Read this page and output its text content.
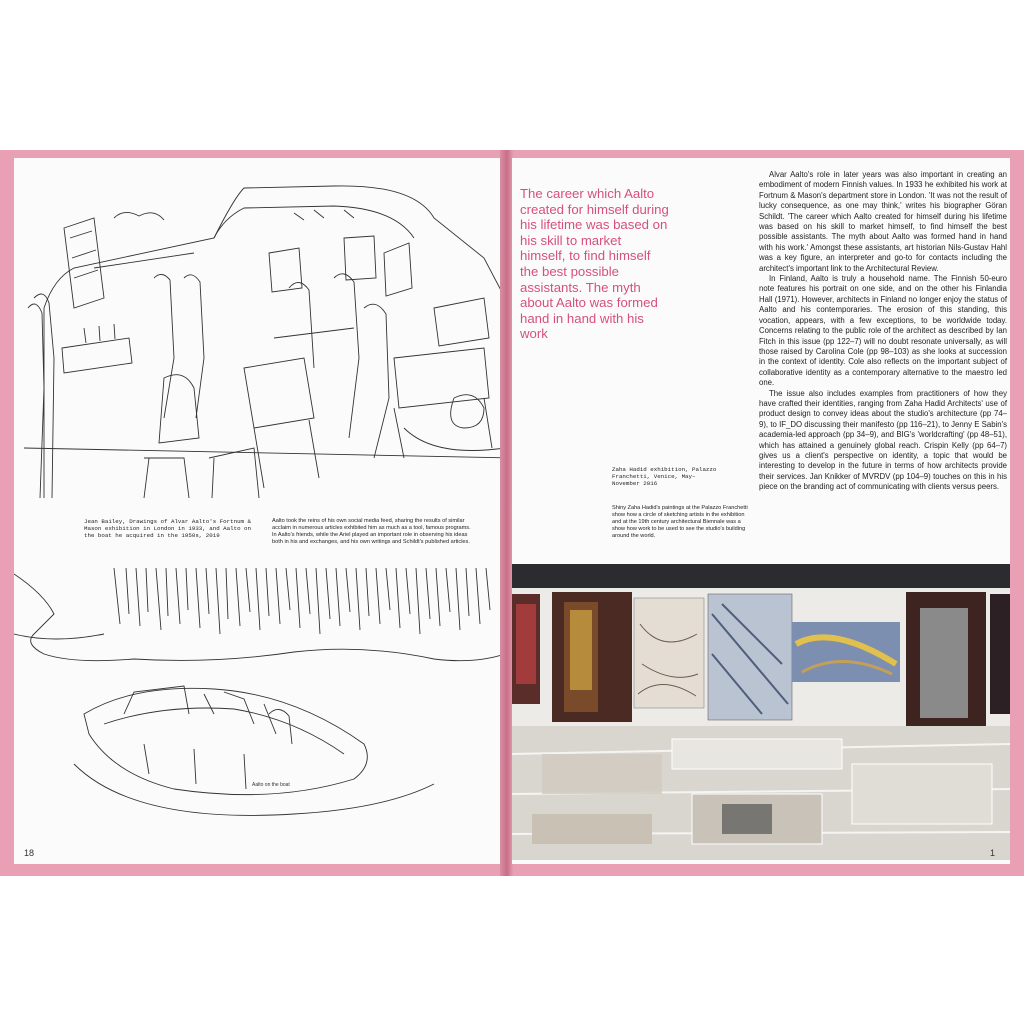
Jean Bailey, Drawings of Alvar Aalto's Fortnum & Mason exhibition in London in 1933, and Aalto on the boat he acquired in the 1950s, 2019
Aalto took the reins of his own social media feed, sharing the results of similar acclaim in numerous articles exhibited him as much as a tool, famous programs. In Aalto's friends, while the Ariel played an important role in observing his ideas both in his and exchanges, and his own writings and Schildt's published articles.
Aalto on the boat
18
The career which Aalto created for himself during his lifetime was based on his skill to market himself, to find himself the best possible assistants. The myth about Aalto was formed hand in hand with his work

Alvar Aalto's role in later years was also important in creating an embodiment of modern Finnish values. In 1933 he exhibited his work at Fortnum & Mason's department store in London. 'It was not the result of lucky consequence, as one may think,' writes his biographer Göran Schildt. 'The career which Aalto created for himself during his lifetime was based on his skill to market himself, to find himself the best possible assistants. The myth about Aalto was formed hand in hand with his work.' Amongst these assistants, art historian Nils-Gustav Hahl was a key figure, an interpreter and go-to for contacts including the architect's important link to the Architectural Review.

In Finland, Aalto is truly a household name. The Finnish 50-euro note features his portrait on one side, and on the other his Finlandia Hall (1971). However, architects in Finland no longer enjoy the status of Aalto and his contemporaries. The erosion of this standing, this vocation, appears, with a few exceptions, to be worldwide today. Concerns relating to the public role of the architect as described by Ian Fitch in this issue (pp 122–7) will no doubt resonate universally, as will those raised by Carolina Cole (pp 98–103) as she looks at succession in the context of identity. Cole also reflects on the important subject of collaborative identity as a contemporary alternative to the maestro led one.

The issue also includes examples from practitioners of how they have crafted their identities, ranging from Zaha Hadid Architects' use of product design to convey ideas about the studio's architecture (pp 74–9), to IF_DO discussing their manifesto (pp 116–21), to Jenny E Sabin's academia-led approach (pp 34–9), and BIG's 'worldcrafting' (pp 48–51), which has attained a genuinely global reach. Crispin Kelly (pp 64–7) gives us a client's perspective on identity, a topic that would be interesting to develop in the future in terms of how architects provide their services. Jan Knikker of MVRDV (pp 104–9) touches on this in his piece on the branding act of communicating with clients versus peers.

Zaha Hadid exhibition, Palazzo Franchetti, Venice, May–November 2016
Shiny Zaha Hadid's paintings at the Palazzo Franchetti show how a circle of sketching artists in the exhibition and at the 19th century architectural Biennale was a show how work to be used to see the studio's building around the world.
1
